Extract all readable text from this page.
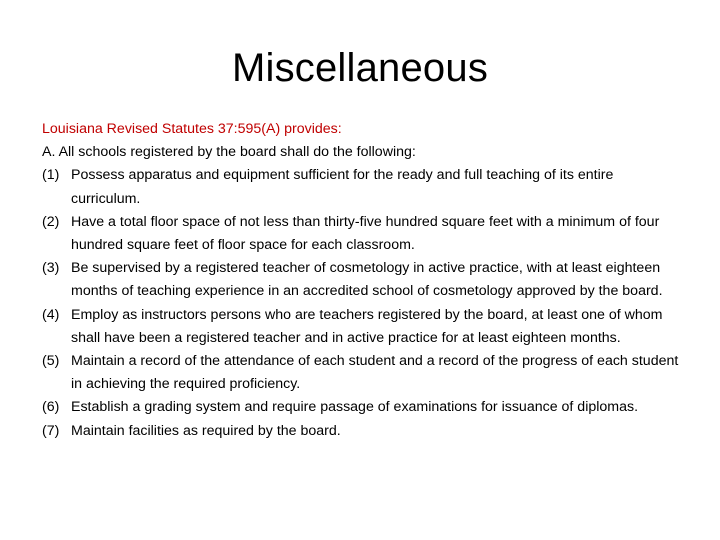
Miscellaneous

Louisiana Revised Statutes 37:595(A) provides:

A. All schools registered by the board shall do the following:

(1) Possess apparatus and equipment sufficient for the ready and full teaching of its entire curriculum.
(2) Have a total floor space of not less than thirty-five hundred square feet with a minimum of four hundred square feet of floor space for each classroom.
(3) Be supervised by a registered teacher of cosmetology in active practice, with at least eighteen months of teaching experience in an accredited school of cosmetology approved by the board.
(4) Employ as instructors persons who are teachers registered by the board, at least one of whom shall have been a registered teacher and in active practice for at least eighteen months.
(5) Maintain a record of the attendance of each student and a record of the progress of each student in achieving the required proficiency.
(6) Establish a grading system and require passage of examinations for issuance of diplomas.
(7) Maintain facilities as required by the board.
